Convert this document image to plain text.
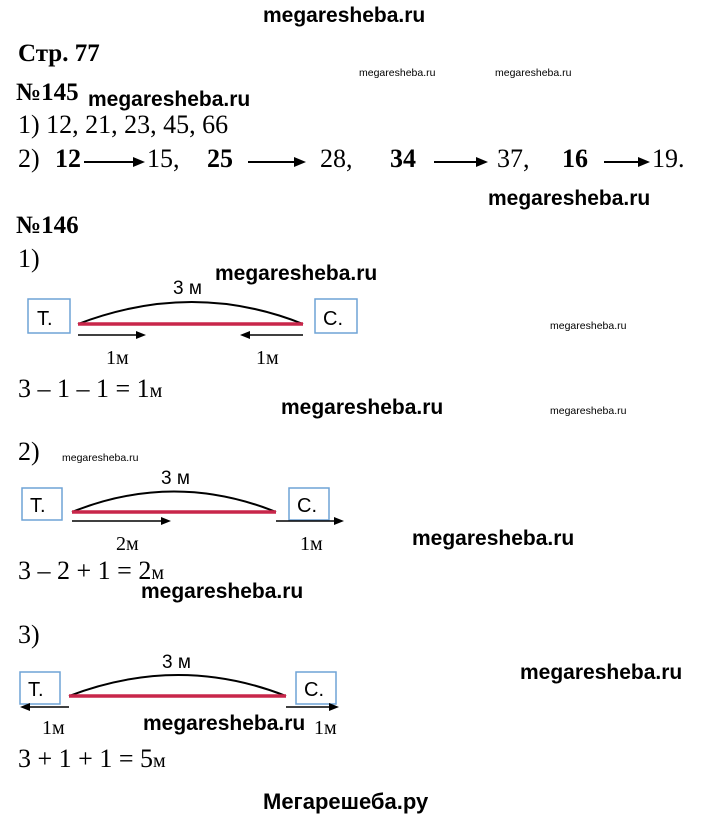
megaresheba.ru
megaresheba.ru	megaresheba.ru
Стр. 77
№145 megaresheba.ru
1) 12, 21, 23, 45, 66
2) 12	15, 25	28, 34	37, 16 19.
megaresheba.ru
№146
1)
megaresheba.ru
Т.	С.
3 м
1м	1м
megaresheba.ru
3 – 1 – 1 = 1м
megaresheba.ru	megaresheba.ru
2) megaresheba.ru
Т.	С.
3 м
2м	1м	megaresheba.ru
3 – 2 + 1 = 2м
megaresheba.ru
3)
Т.	С.
3 м
1м	1м
megaresheba.ru
megaresheba.ru
3 + 1 + 1 = 5м
Мегарешеба.ру
